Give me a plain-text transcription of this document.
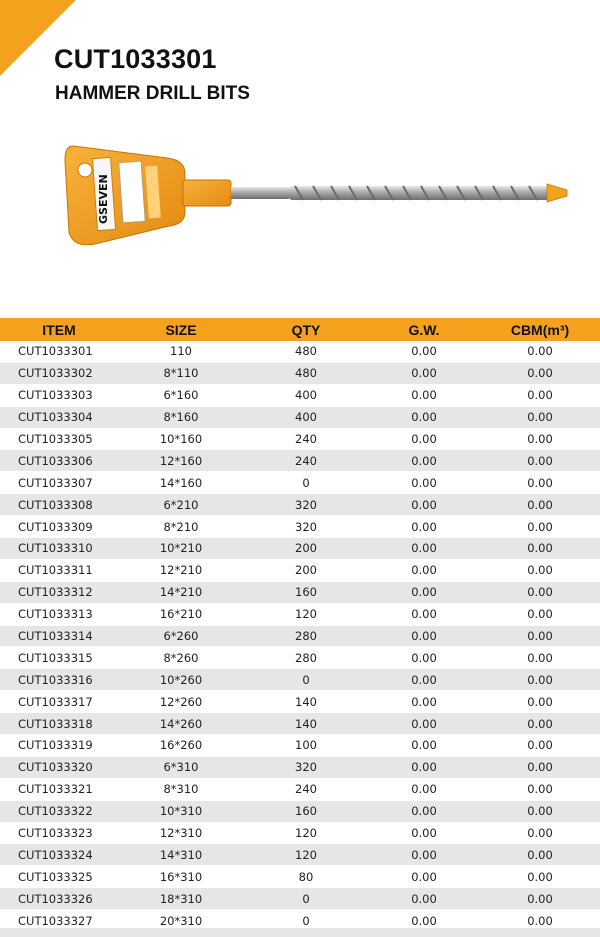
CUT1033301
HAMMER DRILL BITS
GSEVEN
ITEM	SIZE	QTY	G.W.	CBM(m³)
CUT1033301	110	480	0.00	0.00
CUT1033302	8*110	480	0.00	0.00
CUT1033303	6*160	400	0.00	0.00
CUT1033304	8*160	400	0.00	0.00
CUT1033305	10*160	240	0.00	0.00
CUT1033306	12*160	240	0.00	0.00
CUT1033307	14*160	0	0.00	0.00
CUT1033308	6*210	320	0.00	0.00
CUT1033309	8*210	320	0.00	0.00
CUT1033310	10*210	200	0.00	0.00
CUT1033311	12*210	200	0.00	0.00
CUT1033312	14*210	160	0.00	0.00
CUT1033313	16*210	120	0.00	0.00
CUT1033314	6*260	280	0.00	0.00
CUT1033315	8*260	280	0.00	0.00
CUT1033316	10*260	0	0.00	0.00
CUT1033317	12*260	140	0.00	0.00
CUT1033318	14*260	140	0.00	0.00
CUT1033319	16*260	100	0.00	0.00
CUT1033320	6*310	320	0.00	0.00
CUT1033321	8*310	240	0.00	0.00
CUT1033322	10*310	160	0.00	0.00
CUT1033323	12*310	120	0.00	0.00
CUT1033324	14*310	120	0.00	0.00
CUT1033325	16*310	80	0.00	0.00
CUT1033326	18*310	0	0.00	0.00
CUT1033327	20*310	0	0.00	0.00
